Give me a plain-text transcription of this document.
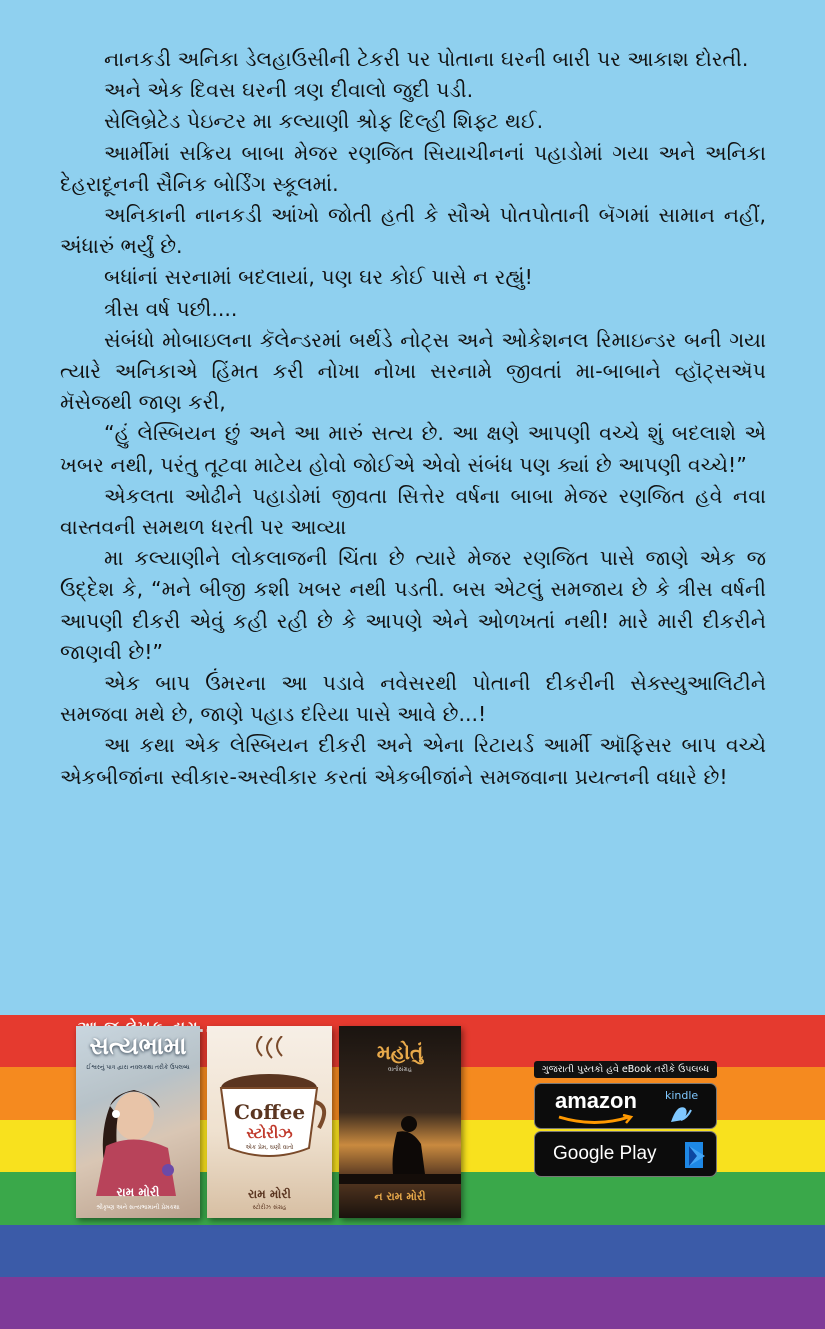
નાનકડી અનિકા ડેલહાઉસીની ટેકરી પર પોતાના ઘરની બારી પર આકાશ દોરતી.

અને એક દિવસ ઘરની ત્રણ દીવાલો જુદી પડી.

સેલિબ્રેટેડ પેઇન્ટર મા કલ્યાણી શ્રોફ દિલ્હી શિફ્ટ થઈ.

આર્મીમાં સક્રિય બાબા મેજર રણજિત સિયાચીનનાં પહાડોમાં ગયા અને અનિકા દેહરાદૂનની સૈનિક બોર્ડિંગ સ્કૂલમાં.

અનિકાની નાનકડી આંખો જોતી હતી કે સૌએ પોતપોતાની બૅગમાં સામાન નહીં, અંધારું ભર્યું છે.

બધાંનાં સરનામાં બદલાયાં, પણ ઘર કોઈ પાસે ન રહ્યું!

ત્રીસ વર્ષ પછી....

સંબંધો મોબાઇલના કૅલેન્ડરમાં બર્થડે નોટ્સ અને ઓકેશનલ રિમાઇન્ડર બની ગયા ત્યારે અનિકાએ હિંમત કરી નોખા નોખા સરનામે જીવતાં મા-બાબાને વ્હૉટ્સઍપ મૅસેજથી જાણ કરી,

“હું લેસ્બિયન છું અને આ મારું સત્ય છે. આ ક્ષણે આપણી વચ્ચે શું બદલાશે એ ખબર નથી, પરંતુ તૂટવા માટેય હોવો જોઈએ એવો સંબંધ પણ ક્યાં છે આપણી વચ્ચે!”

એકલતા ઓઢીને પહાડોમાં જીવતા સિત્તેર વર્ષના બાબા મેજર રણજિત હવે નવા વાસ્તવની સમથળ ધરતી પર આવ્યા

મા કલ્યાણીને લોકલાજની ચિંતા છે ત્યારે મેજર રણજિત પાસે જાણે એક જ ઉદ્દેશ કે, “મને બીજી કશી ખબર નથી પડતી. બસ એટલું સમજાય છે કે ત્રીસ વર્ષની આપણી દીકરી એવું કહી રહી છે કે આપણે એને ઓળખતાં નથી! મારે મારી દીકરીને જાણવી છે!”

એક બાપ ઉંમરના આ પડાવે નવેસરથી પોતાની દીકરીની સેક્સ્યુઆલિટીને સમજવા મથે છે, જાણે પહાડ દરિયા પાસે આવે છે...!

આ કથા એક લેસ્બિયન દીકરી અને એના રિટાયર્ડ આર્મી ઑફિસર બાપ વચ્ચે એકબીજાંના સ્વીકાર-અસ્વીકાર કરતાં એકબીજાંને સમજવાના પ્રયત્નની વધારે છે!

સત્યભામા
ઈશ્વરનું પાત્ર દ્વારા નવલકથા તરીકે ઉપલબ્ધ
રામ મોરી
શ્રીકૃષ્ણ અને સત્યભામાની પ્રેમકથા
Coffee
સ્ટોરીઝ
એક પ્રેમ, ઘણી વાતો
રામ મોરી
સ્ટોરીઝ સંગ્રહ
મહોતું
વાર્તાસંગ્રહ
ન રામ મોરી
ગુજરાતી પુસ્તકો હવે eBook તરીકે ઉપલબ્ધ
amazon	kindle
Google Play
